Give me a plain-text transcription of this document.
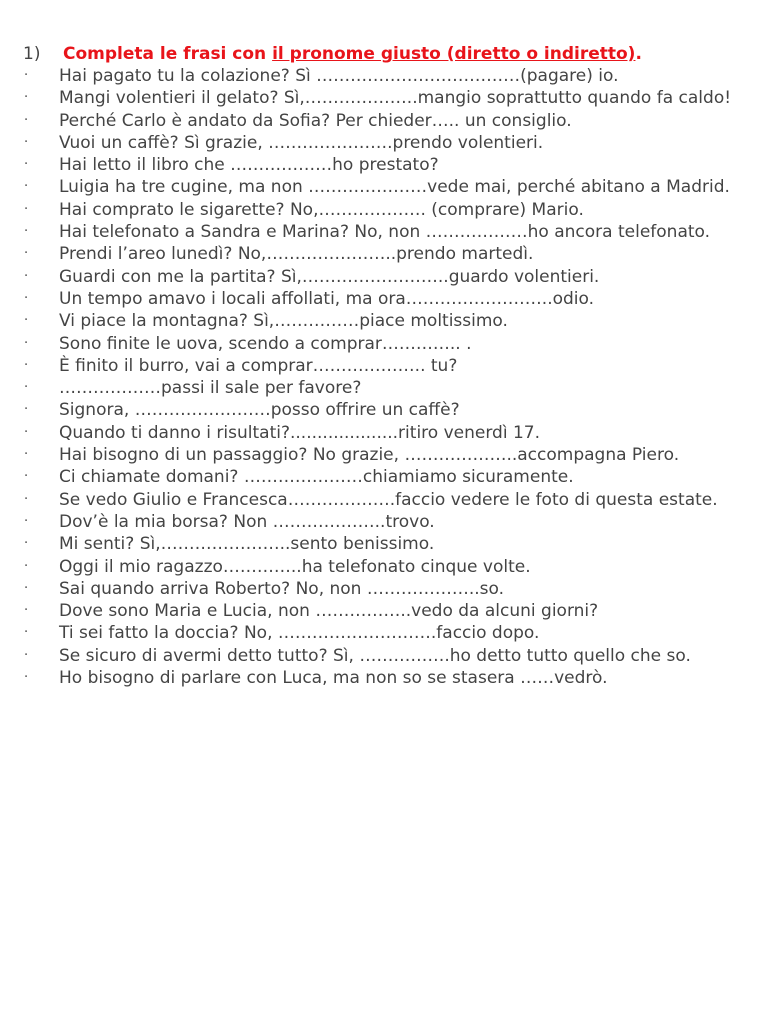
1) Completa le frasi con il pronome giusto (diretto o indiretto).
· Hai pagato tu la colazione? Sì ………………………………(pagare) io.
· Mangi volentieri il gelato? Sì,………………..mangio soprattutto quando fa caldo!
· Perché Carlo è andato da Sofia? Per chieder….. un consiglio.
· Vuoi un caffè? Sì grazie, ………………….prendo volentieri.
· Hai letto il libro che ………………ho prestato?
· Luigia ha tre cugine, ma non …………………vede mai, perché abitano a Madrid.
· Hai comprato le sigarette? No,………………. (comprare) Mario.
· Hai telefonato a Sandra e Marina? No, non ………………ho ancora telefonato.
· Prendi l’areo lunedì? No,…………………..prendo martedì.
· Guardi con me la partita? Sì,……………………..guardo volentieri.
· Un tempo amavo i locali affollati, ma ora……………………..odio.
· Vi piace la montagna? Sì,……………piace moltissimo.
· Sono finite le uova, scendo a comprar………….. .
· È finito il burro, vai a comprar……………….. tu?
· ………………passi il sale per favore?
· Signora, ……………………posso offrire un caffè?
· Quando ti danno i risultati?....................ritiro venerdì 17.
· Hai bisogno di un passaggio? No grazie, ………………..accompagna Piero.
· Ci chiamate domani? …………………chiamiamo sicuramente.
· Se vedo Giulio e Francesca……………….faccio vedere le foto di questa estate.
· Dov’è la mia borsa? Non ………………..trovo.
· Mi senti? Sì,…………………..sento benissimo.
· Oggi il mio ragazzo…………..ha telefonato cinque volte.
· Sai quando arriva Roberto? No, non ………………..so.
· Dove sono Maria e Lucia, non ……………..vedo da alcuni giorni?
· Ti sei fatto la doccia? No, ……………………….faccio dopo.
· Se sicuro di avermi detto tutto? Sì, …………….ho detto tutto quello che so.
· Ho bisogno di parlare con Luca, ma non so se stasera ……vedrò.
